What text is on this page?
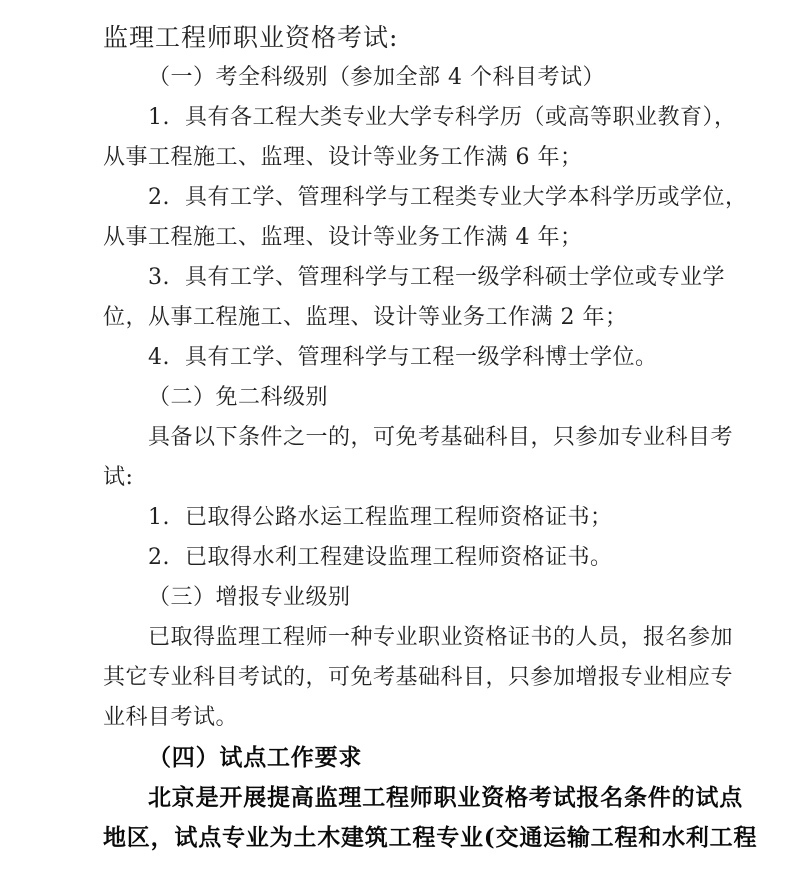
监理工程师职业资格考试:
（一）考全科级别（参加全部 4 个科目考试）
1.  具有各工程大类专业大学专科学历（或高等职业教育），
从事工程施工、监理、设计等业务工作满 6 年；
2.  具有工学、管理科学与工程类专业大学本科学历或学位，
从事工程施工、监理、设计等业务工作满 4 年；
3.  具有工学、管理科学与工程一级学科硕士学位或专业学
位，从事工程施工、监理、设计等业务工作满 2 年；
4.  具有工学、管理科学与工程一级学科博士学位。
（二）免二科级别
具备以下条件之一的，可免考基础科目，只参加专业科目考
试:
1.  已取得公路水运工程监理工程师资格证书；
2.  已取得水利工程建设监理工程师资格证书。
（三）增报专业级别
已取得监理工程师一种专业职业资格证书的人员，报名参加
其它专业科目考试的，可免考基础科目，只参加增报专业相应专
业科目考试。
（四）试点工作要求
北京是开展提高监理工程师职业资格考试报名条件的试点
地区，试点专业为土木建筑工程专业(交通运输工程和水利工程
